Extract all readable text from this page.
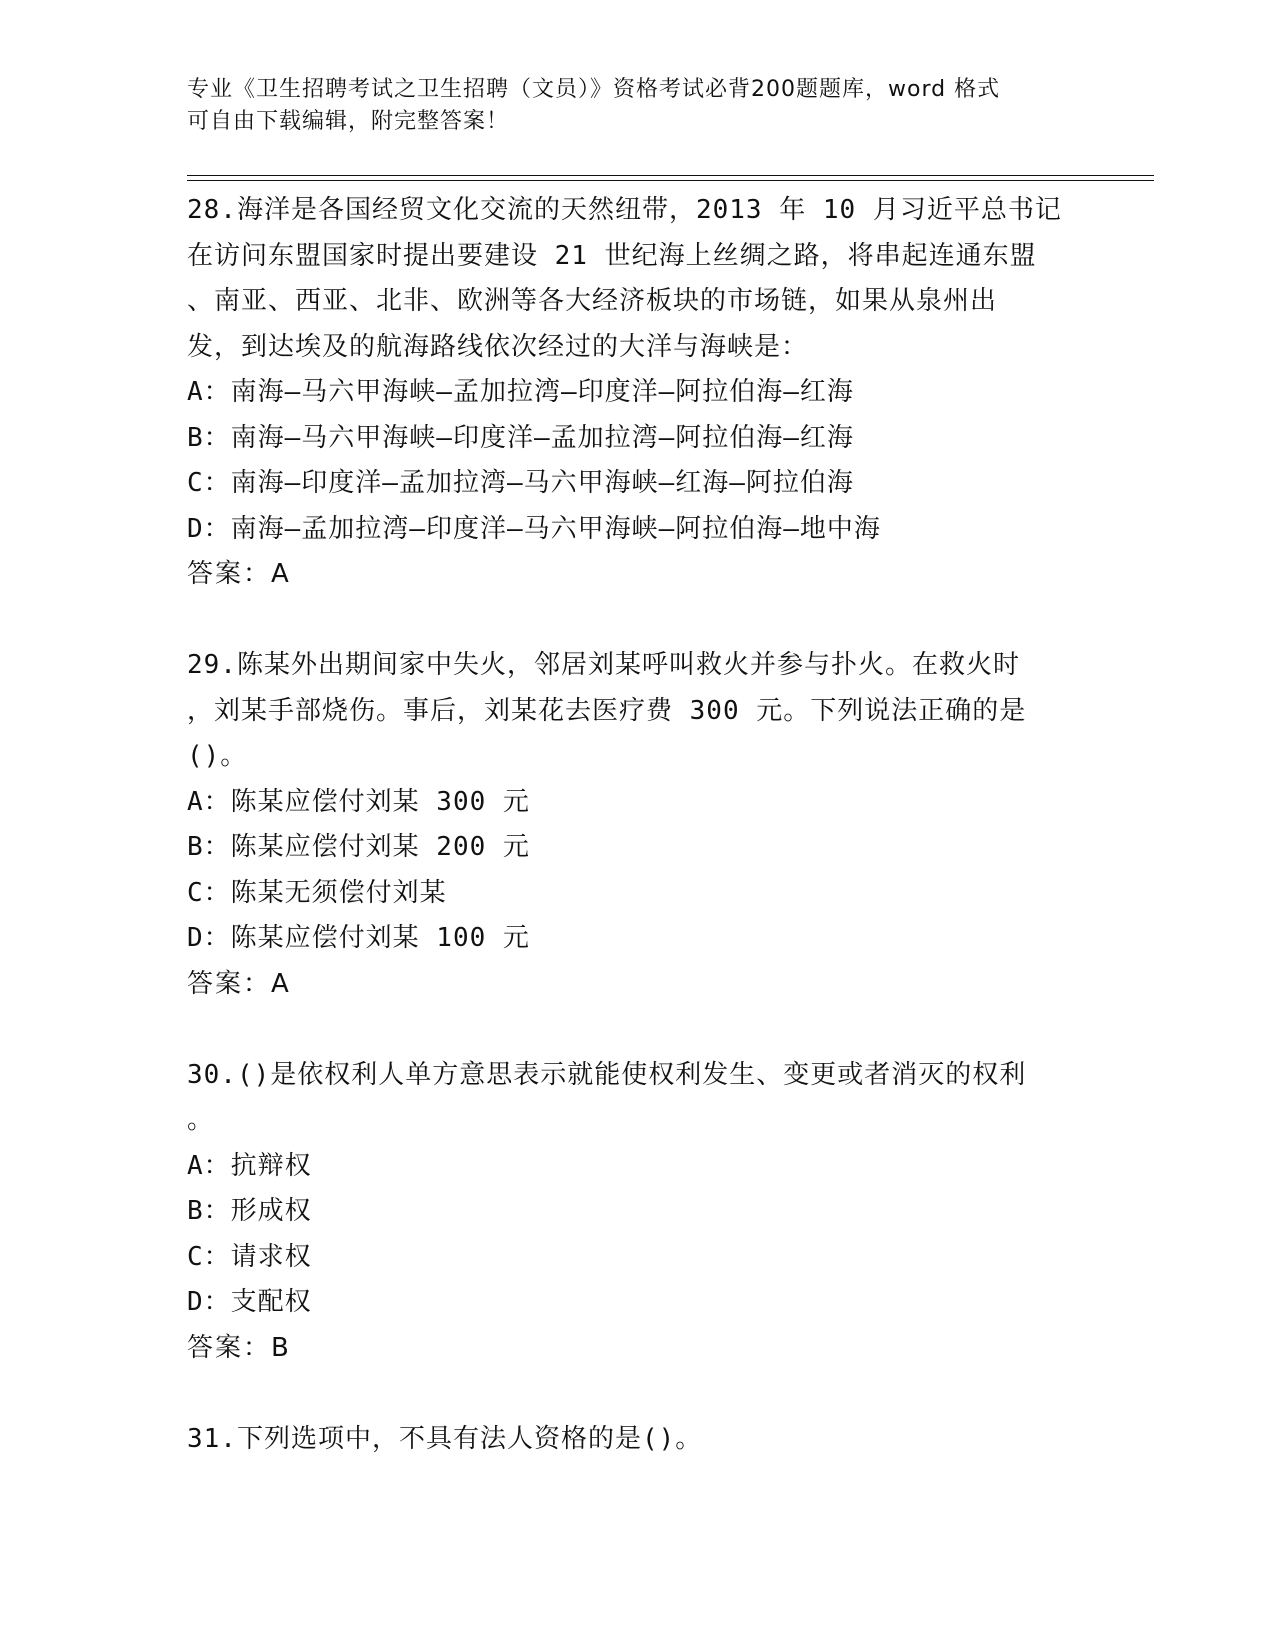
专业《卫生招聘考试之卫生招聘（文员）》资格考试必背200题题库，word 格式
可自由下载编辑，附完整答案！
28.海洋是各国经贸文化交流的天然纽带，2013 年 10 月习近平总书记
在访问东盟国家时提出要建设 21 世纪海上丝绸之路，将串起连通东盟
、南亚、西亚、北非、欧洲等各大经济板块的市场链，如果从泉州出
发，到达埃及的航海路线依次经过的大洋与海峡是：
A：南海—马六甲海峡—孟加拉湾—印度洋—阿拉伯海—红海
B：南海—马六甲海峡—印度洋—孟加拉湾—阿拉伯海—红海
C：南海—印度洋—孟加拉湾—马六甲海峡—红海—阿拉伯海
D：南海—孟加拉湾—印度洋—马六甲海峡—阿拉伯海—地中海
答案：A
29.陈某外出期间家中失火，邻居刘某呼叫救火并参与扑火。在救火时
，刘某手部烧伤。事后，刘某花去医疗费 300 元。下列说法正确的是
()。
A：陈某应偿付刘某 300 元
B：陈某应偿付刘某 200 元
C：陈某无须偿付刘某
D：陈某应偿付刘某 100 元
答案：A
30.()是依权利人单方意思表示就能使权利发生、变更或者消灭的权利
。
A：抗辩权
B：形成权
C：请求权
D：支配权
答案：B
31.下列选项中，不具有法人资格的是()。
